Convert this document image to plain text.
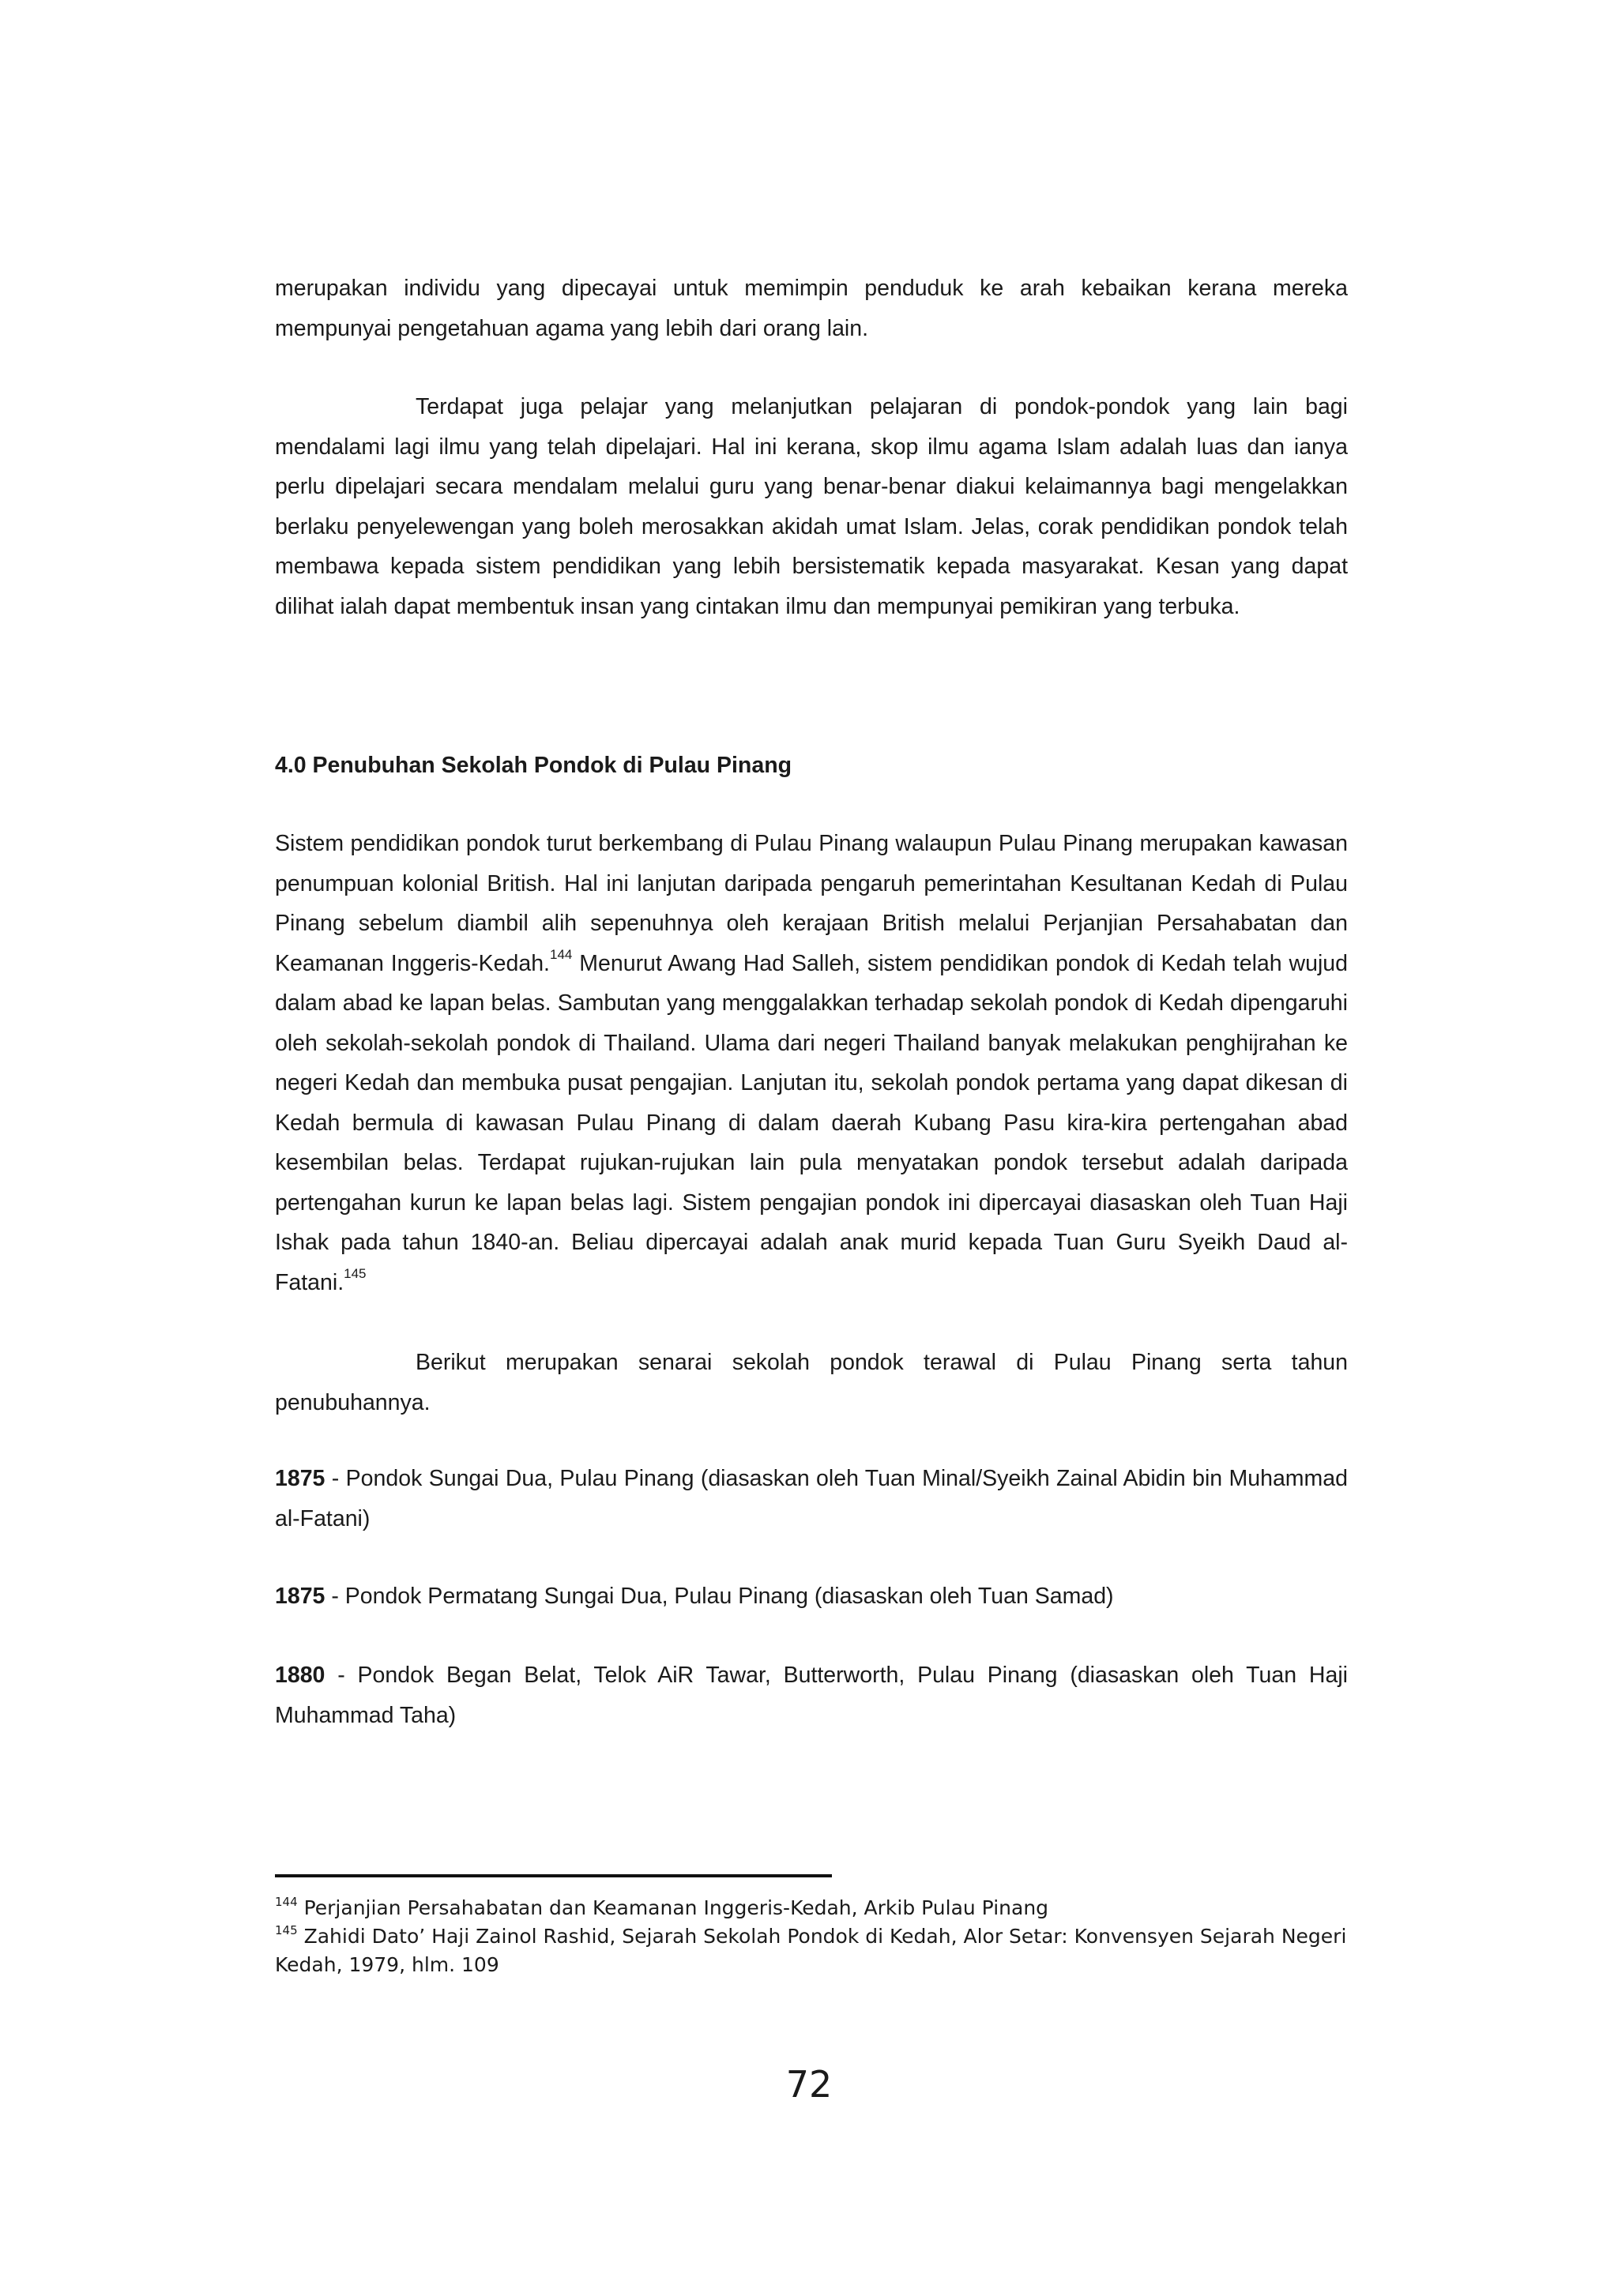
merupakan individu yang dipecayai untuk memimpin penduduk ke arah kebaikan kerana mereka mempunyai pengetahuan agama yang lebih dari orang lain.

Terdapat juga pelajar yang melanjutkan pelajaran di pondok-pondok yang lain bagi mendalami lagi ilmu yang telah dipelajari. Hal ini kerana, skop ilmu agama Islam adalah luas dan ianya perlu dipelajari secara mendalam melalui guru yang benar-benar diakui kelaimannya bagi mengelakkan berlaku penyelewengan yang boleh merosakkan akidah umat Islam. Jelas, corak pendidikan pondok telah membawa kepada sistem pendidikan yang lebih bersistematik kepada masyarakat. Kesan yang dapat dilihat ialah dapat membentuk insan yang cintakan ilmu dan mempunyai pemikiran yang terbuka.

4.0 Penubuhan Sekolah Pondok di Pulau Pinang

Sistem pendidikan pondok turut berkembang di Pulau Pinang walaupun Pulau Pinang merupakan kawasan penumpuan kolonial British. Hal ini lanjutan daripada pengaruh pemerintahan Kesultanan Kedah di Pulau Pinang sebelum diambil alih sepenuhnya oleh kerajaan British melalui Perjanjian Persahabatan dan Keamanan Inggeris-Kedah.$^{144}$ Menurut Awang Had Salleh, sistem pendidikan pondok di Kedah telah wujud dalam abad ke lapan belas. Sambutan yang menggalakkan terhadap sekolah pondok di Kedah dipengaruhi oleh sekolah-sekolah pondok di Thailand. Ulama dari negeri Thailand banyak melakukan penghijrahan ke negeri Kedah dan membuka pusat pengajian. Lanjutan itu, sekolah pondok pertama yang dapat dikesan di Kedah bermula di kawasan Pulau Pinang di dalam daerah Kubang Pasu kira-kira pertengahan abad kesembilan belas. Terdapat rujukan-rujukan lain pula menyatakan pondok tersebut adalah daripada pertengahan kurun ke lapan belas lagi. Sistem pengajian pondok ini dipercayai diasaskan oleh Tuan Haji Ishak pada tahun 1840-an. Beliau dipercayai adalah anak murid kepada Tuan Guru Syeikh Daud al-Fatani.$^{145}$

Berikut merupakan senarai sekolah pondok terawal di Pulau Pinang serta tahun penubuhannya.

1875 - Pondok Sungai Dua, Pulau Pinang (diasaskan oleh Tuan Minal/Syeikh Zainal Abidin bin Muhammad al-Fatani)

1875 - Pondok Permatang Sungai Dua, Pulau Pinang (diasaskan oleh Tuan Samad)

1880 - Pondok Began Belat, Telok AiR Tawar, Butterworth, Pulau Pinang (diasaskan oleh Tuan Haji Muhammad Taha)

$^{144}$ Perjanjian Persahabatan dan Keamanan Inggeris-Kedah, Arkib Pulau Pinang
$^{145}$ Zahidi Dato’ Haji Zainol Rashid, Sejarah Sekolah Pondok di Kedah, Alor Setar: Konvensyen Sejarah Negeri Kedah, 1979, hlm. 109
72
